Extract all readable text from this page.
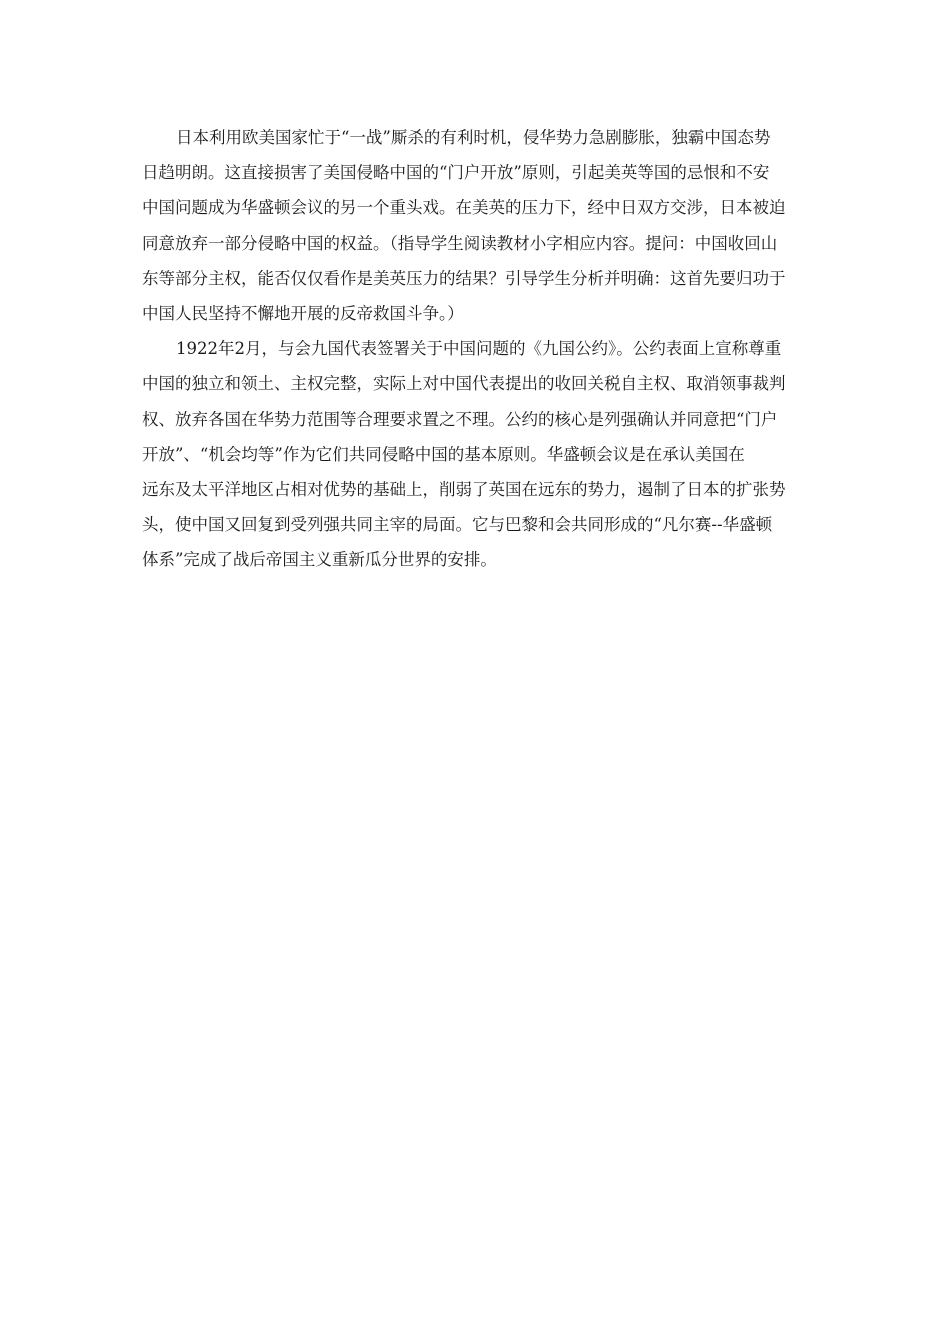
日本利用欧美国家忙于“一战”厮杀的有利时机，侵华势力急剧膨胀，独霸中国态势
日趋明朗。这直接损害了美国侵略中国的“门户开放”原则，引起美英等国的忌恨和不安
中国问题成为华盛顿会议的另一个重头戏。在美英的压力下，经中日双方交涉，日本被迫
同意放弃一部分侵略中国的权益。（指导学生阅读教材小字相应内容。提问：中国收回山
东等部分主权，能否仅仅看作是美英压力的结果？引导学生分析并明确：这首先要归功于
中国人民坚持不懈地开展的反帝救国斗争。）
1922年2月，与会九国代表签署关于中国问题的《九国公约》。公约表面上宣称尊重
中国的独立和领土、主权完整，实际上对中国代表提出的收回关税自主权、取消领事裁判
权、放弃各国在华势力范围等合理要求置之不理。公约的核心是列强确认并同意把“门户
开放”、“机会均等”作为它们共同侵略中国的基本原则。华盛顿会议是在承认美国在
远东及太平洋地区占相对优势的基础上，削弱了英国在远东的势力，遏制了日本的扩张势
头，使中国又回复到受列强共同主宰的局面。它与巴黎和会共同形成的“凡尔赛--华盛顿
体系”完成了战后帝国主义重新瓜分世界的安排。
